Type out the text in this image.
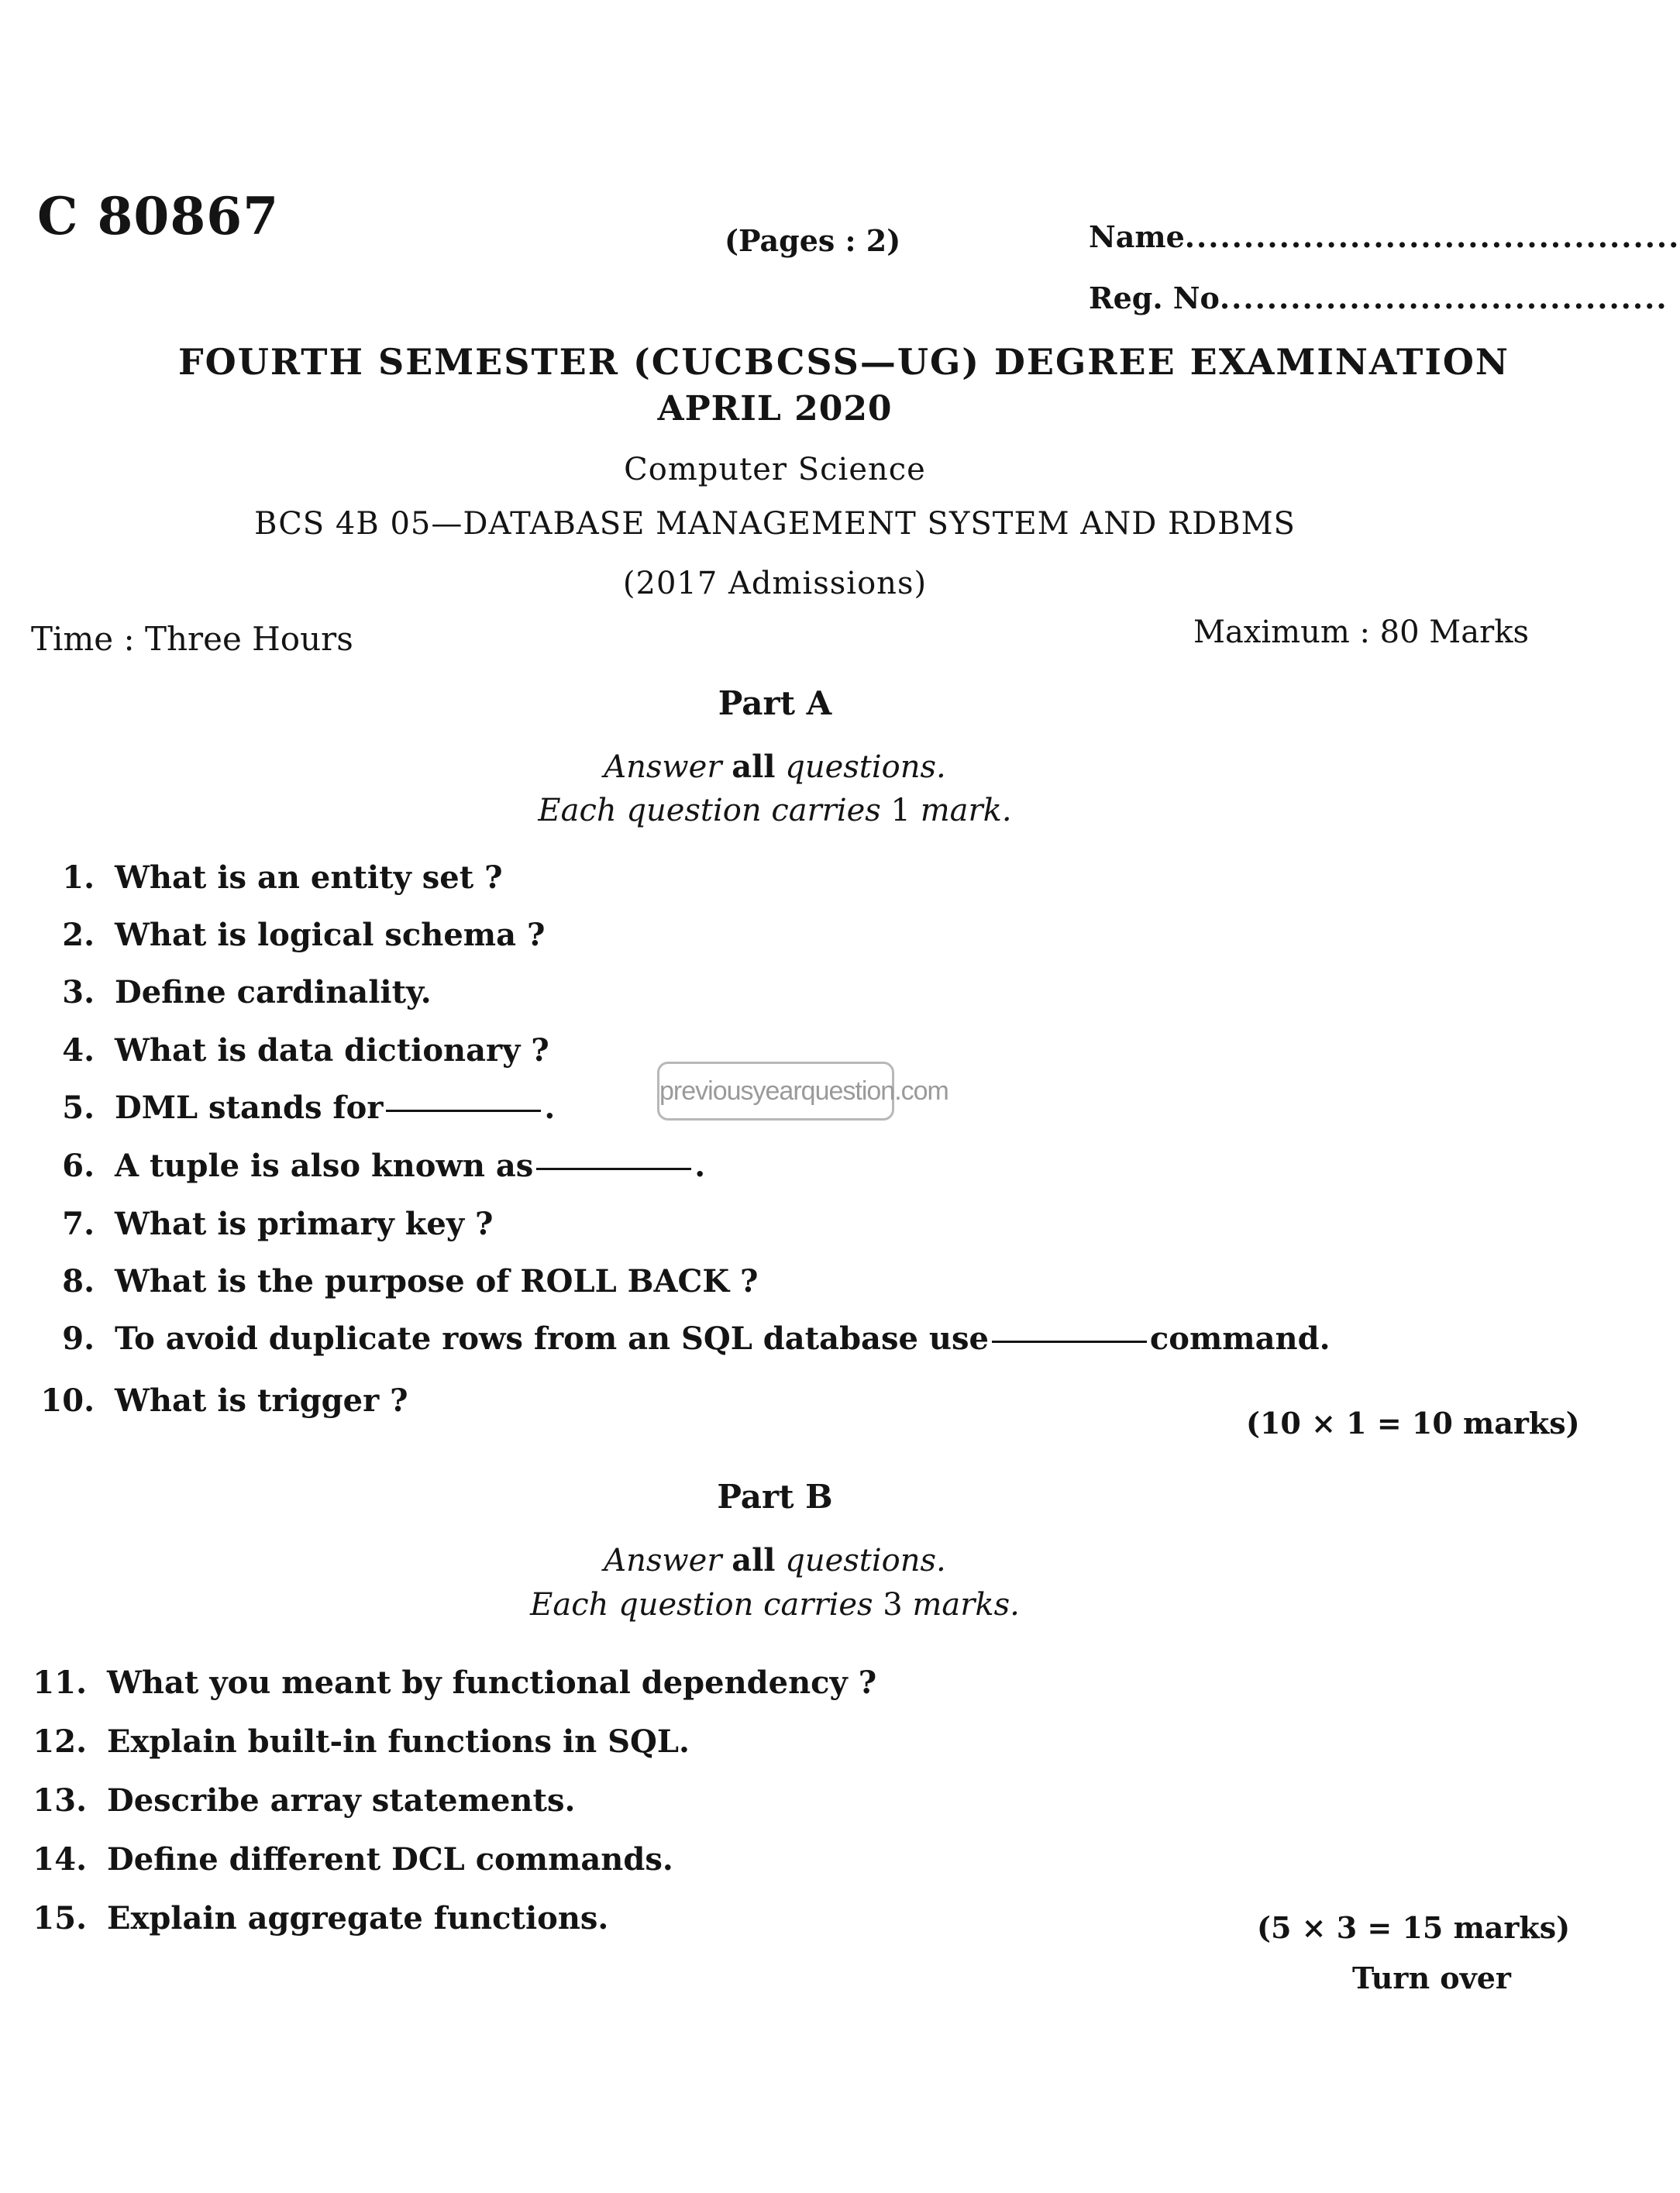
C 80867	(Pages : 2)	Name..........................................
Reg. No......................................
FOURTH SEMESTER (CUCBCSS—UG) DEGREE EXAMINATION
APRIL 2020
Computer Science
BCS 4B 05—DATABASE MANAGEMENT SYSTEM AND RDBMS
(2017 Admissions)
Time : Three Hours	Maximum : 80 Marks
Part A
Answer all questions.
Each question carries 1 mark.
1. What is an entity set ?
2. What is logical schema ?
3. Define cardinality.
4. What is data dictionary ?
5. DML stands for	.
6. A tuple is also known as	.
7. What is primary key ?
8. What is the purpose of ROLL BACK ?
9. To avoid duplicate rows from an SQL database use	command.
10. What is trigger ?
(10 × 1 = 10 marks)
Part B
Answer all questions.
Each question carries 3 marks.
11. What you meant by functional dependency ?
12. Explain built-in functions in SQL.
13. Describe array statements.
14. Define different DCL commands.
15. Explain aggregate functions.	(5 × 3 = 15 marks)
Turn over
previousyearquestion.com
